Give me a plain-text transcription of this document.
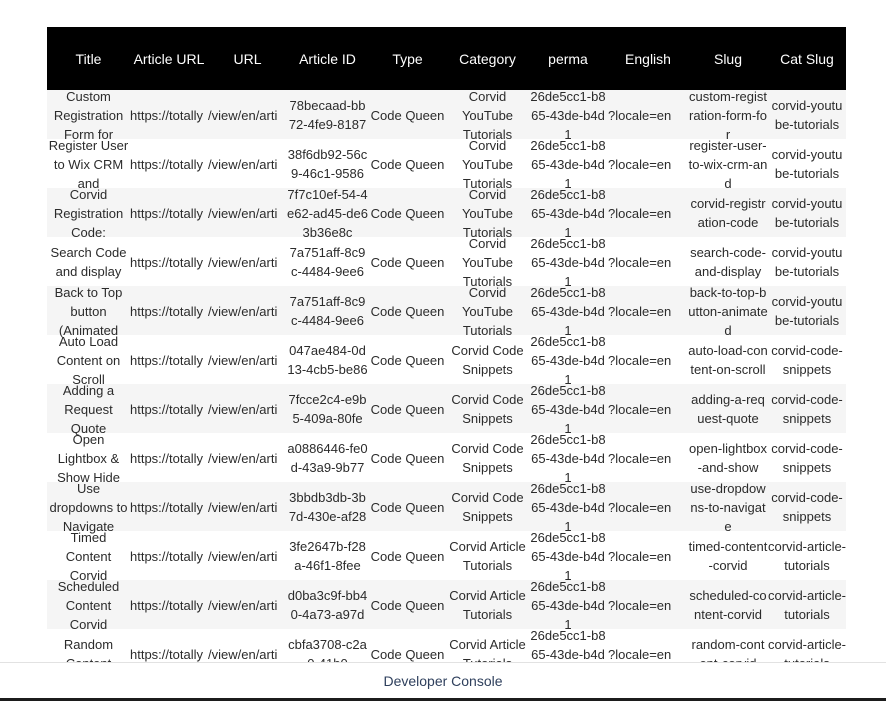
Title	Article URL	URL	Article ID	Type	Category	perma	English	Slug	Cat Slug

Custom Registration Form for	https://totally	/view/en/arti	78becaad-bb72-4fe9-8187	Code Queen	Corvid YouTube Tutorials	26de5cc1-b865-43de-b4d1	?locale=en	custom-registration-form-for	corvid-youtube-tutorials

Register User to Wix CRM and	https://totally	/view/en/arti	38f6db92-56c9-46c1-9586	Code Queen	Corvid YouTube Tutorials	26de5cc1-b865-43de-b4d1	?locale=en	register-user-to-wix-crm-and	corvid-youtube-tutorials

Corvid Registration Code:	https://totally	/view/en/arti	7f7c10ef-54-4e62-ad45-de63b36e8c	Code Queen	Corvid YouTube Tutorials	26de5cc1-b865-43de-b4d1	?locale=en	corvid-registration-code	corvid-youtube-tutorials

Search Code and display	https://totally	/view/en/arti	7a751aff-8c9c-4484-9ee6	Code Queen	Corvid YouTube Tutorials	26de5cc1-b865-43de-b4d1	?locale=en	search-code-and-display	corvid-youtube-tutorials

Back to Top button (Animated	https://totally	/view/en/arti	7a751aff-8c9c-4484-9ee6	Code Queen	Corvid YouTube Tutorials	26de5cc1-b865-43de-b4d1	?locale=en	back-to-top-button-animated	corvid-youtube-tutorials

Auto Load Content on Scroll	https://totally	/view/en/arti	047ae484-0d13-4cb5-be86	Code Queen	Corvid Code Snippets	26de5cc1-b865-43de-b4d1	?locale=en	auto-load-content-on-scroll	corvid-code-snippets

Adding a Request Quote	https://totally	/view/en/arti	7fcce2c4-e9b5-409a-80fe	Code Queen	Corvid Code Snippets	26de5cc1-b865-43de-b4d1	?locale=en	adding-a-request-quote	corvid-code-snippets

Open Lightbox & Show Hide	https://totally	/view/en/arti	a0886446-fe0d-43a9-9b77	Code Queen	Corvid Code Snippets	26de5cc1-b865-43de-b4d1	?locale=en	open-lightbox-and-show	corvid-code-snippets

Use dropdowns to Navigate	https://totally	/view/en/arti	3bbdb3db-3b7d-430e-af28	Code Queen	Corvid Code Snippets	26de5cc1-b865-43de-b4d1	?locale=en	use-dropdowns-to-navigate	corvid-code-snippets

Timed Content Corvid	https://totally	/view/en/arti	3fe2647b-f28a-46f1-8fee	Code Queen	Corvid Article Tutorials	26de5cc1-b865-43de-b4d1	?locale=en	timed-content-corvid	corvid-article-tutorials

Scheduled Content Corvid	https://totally	/view/en/arti	d0ba3c9f-bb40-4a73-a97d	Code Queen	Corvid Article Tutorials	26de5cc1-b865-43de-b4d1	?locale=en	scheduled-content-corvid	corvid-article-tutorials

Random	https://totally	/view/en/arti	cbfa3708-c2a	Code Queen	Corvid Article	26de5cc1-b865-43de-b4d	?locale=en	random-cont	corvid-article-
Developer Console
